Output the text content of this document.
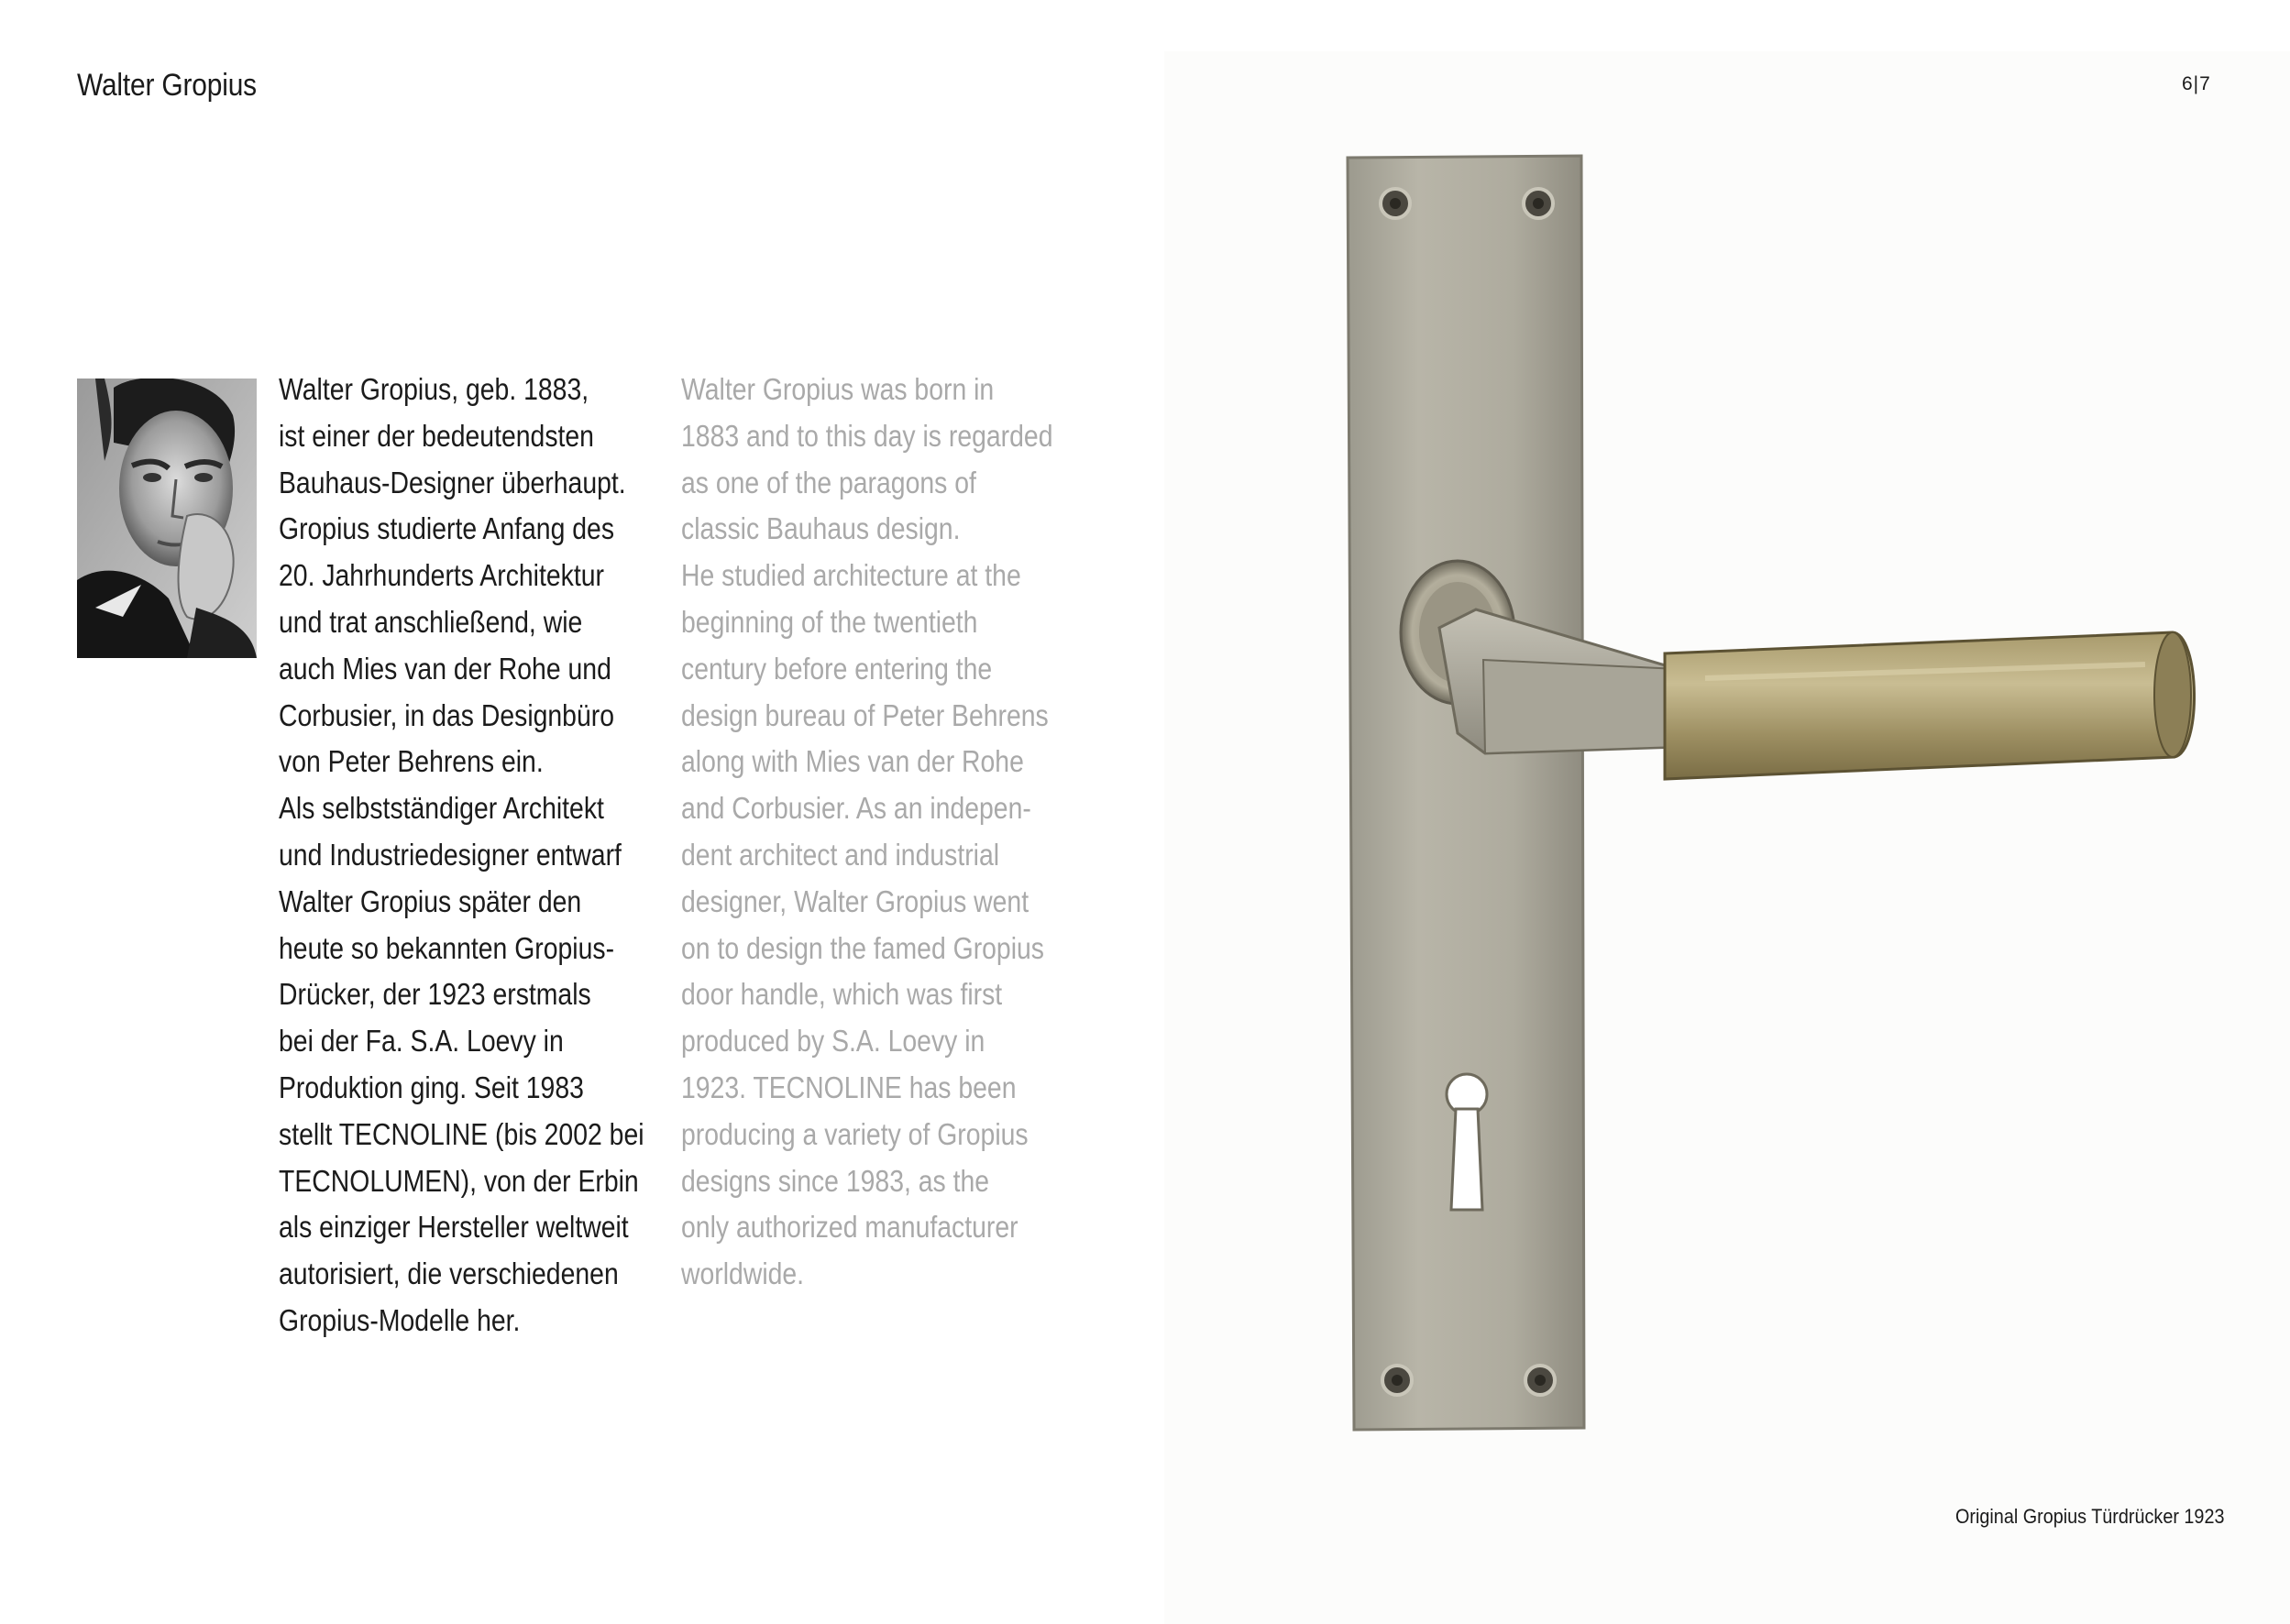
Walter Gropius	6|7
Walter Gropius, geb. 1883,
ist einer der bedeutendsten
Bauhaus-Designer überhaupt.
Gropius studierte Anfang des
20. Jahrhunderts Architektur
und trat anschließend, wie
auch Mies van der Rohe und
Corbusier, in das Designbüro
von Peter Behrens ein.
Als selbstständiger Architekt
und Industriedesigner entwarf
Walter Gropius später den
heute so bekannten Gropius-
Drücker, der 1923 erstmals
bei der Fa. S.A. Loevy in
Produktion ging. Seit 1983
stellt TECNOLINE (bis 2002 bei
TECNOLUMEN), von der Erbin
als einziger Hersteller weltweit
autorisiert, die verschiedenen
Gropius-Modelle her.
Walter Gropius was born in
1883 and to this day is regarded
as one of the paragons of
classic Bauhaus design.
He studied architecture at the
beginning of the twentieth
century before entering the
design bureau of Peter Behrens
along with Mies van der Rohe
and Corbusier. As an indepen-
dent architect and industrial
designer, Walter Gropius went
on to design the famed Gropius
door handle, which was first
produced by S.A. Loevy in
1923. TECNOLINE has been
producing a variety of Gropius
designs since 1983, as the
only authorized manufacturer
worldwide.
Original Gropius Türdrücker 1923
